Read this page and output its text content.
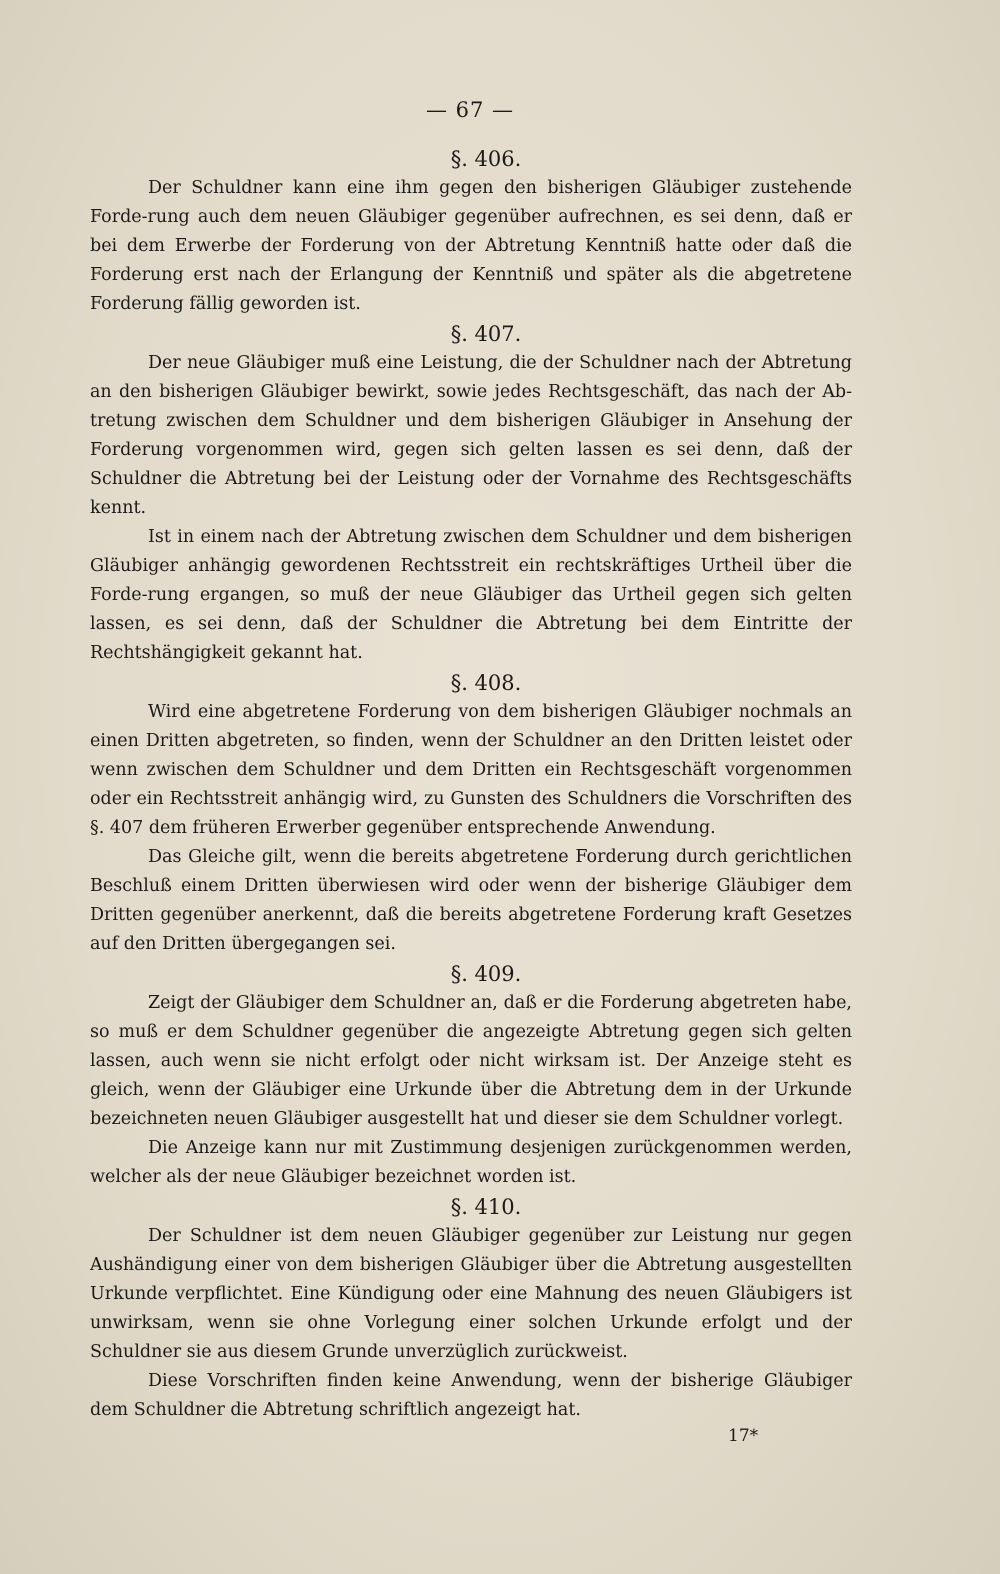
— 67 —
§. 406.

Der Schuldner kann eine ihm gegen den bisherigen Gläubiger zustehende Forde-rung auch dem neuen Gläubiger gegenüber aufrechnen, es sei denn, daß er bei dem Erwerbe der Forderung von der Abtretung Kenntniß hatte oder daß die Forderung erst nach der Erlangung der Kenntniß und später als die abgetretene Forderung fällig geworden ist.

§. 407.

Der neue Gläubiger muß eine Leistung, die der Schuldner nach der Abtretung an den bisherigen Gläubiger bewirkt, sowie jedes Rechtsgeschäft, das nach der Ab-tretung zwischen dem Schuldner und dem bisherigen Gläubiger in Ansehung der Forderung vorgenommen wird, gegen sich gelten lassen es sei denn, daß der Schuldner die Abtretung bei der Leistung oder der Vornahme des Rechtsgeschäfts kennt.

Ist in einem nach der Abtretung zwischen dem Schuldner und dem bisherigen Gläubiger anhängig gewordenen Rechtsstreit ein rechtskräftiges Urtheil über die Forde-rung ergangen, so muß der neue Gläubiger das Urtheil gegen sich gelten lassen, es sei denn, daß der Schuldner die Abtretung bei dem Eintritte der Rechtshängigkeit gekannt hat.

§. 408.

Wird eine abgetretene Forderung von dem bisherigen Gläubiger nochmals an einen Dritten abgetreten, so finden, wenn der Schuldner an den Dritten leistet oder wenn zwischen dem Schuldner und dem Dritten ein Rechtsgeschäft vorgenommen oder ein Rechtsstreit anhängig wird, zu Gunsten des Schuldners die Vorschriften des §. 407 dem früheren Erwerber gegenüber entsprechende Anwendung.

Das Gleiche gilt, wenn die bereits abgetretene Forderung durch gerichtlichen Beschluß einem Dritten überwiesen wird oder wenn der bisherige Gläubiger dem Dritten gegenüber anerkennt, daß die bereits abgetretene Forderung kraft Gesetzes auf den Dritten übergegangen sei.

§. 409.

Zeigt der Gläubiger dem Schuldner an, daß er die Forderung abgetreten habe, so muß er dem Schuldner gegenüber die angezeigte Abtretung gegen sich gelten lassen, auch wenn sie nicht erfolgt oder nicht wirksam ist. Der Anzeige steht es gleich, wenn der Gläubiger eine Urkunde über die Abtretung dem in der Urkunde bezeichneten neuen Gläubiger ausgestellt hat und dieser sie dem Schuldner vorlegt.

Die Anzeige kann nur mit Zustimmung desjenigen zurückgenommen werden, welcher als der neue Gläubiger bezeichnet worden ist.

§. 410.

Der Schuldner ist dem neuen Gläubiger gegenüber zur Leistung nur gegen Aushändigung einer von dem bisherigen Gläubiger über die Abtretung ausgestellten Urkunde verpflichtet. Eine Kündigung oder eine Mahnung des neuen Gläubigers ist unwirksam, wenn sie ohne Vorlegung einer solchen Urkunde erfolgt und der Schuldner sie aus diesem Grunde unverzüglich zurückweist.

Diese Vorschriften finden keine Anwendung, wenn der bisherige Gläubiger dem Schuldner die Abtretung schriftlich angezeigt hat.

17*
